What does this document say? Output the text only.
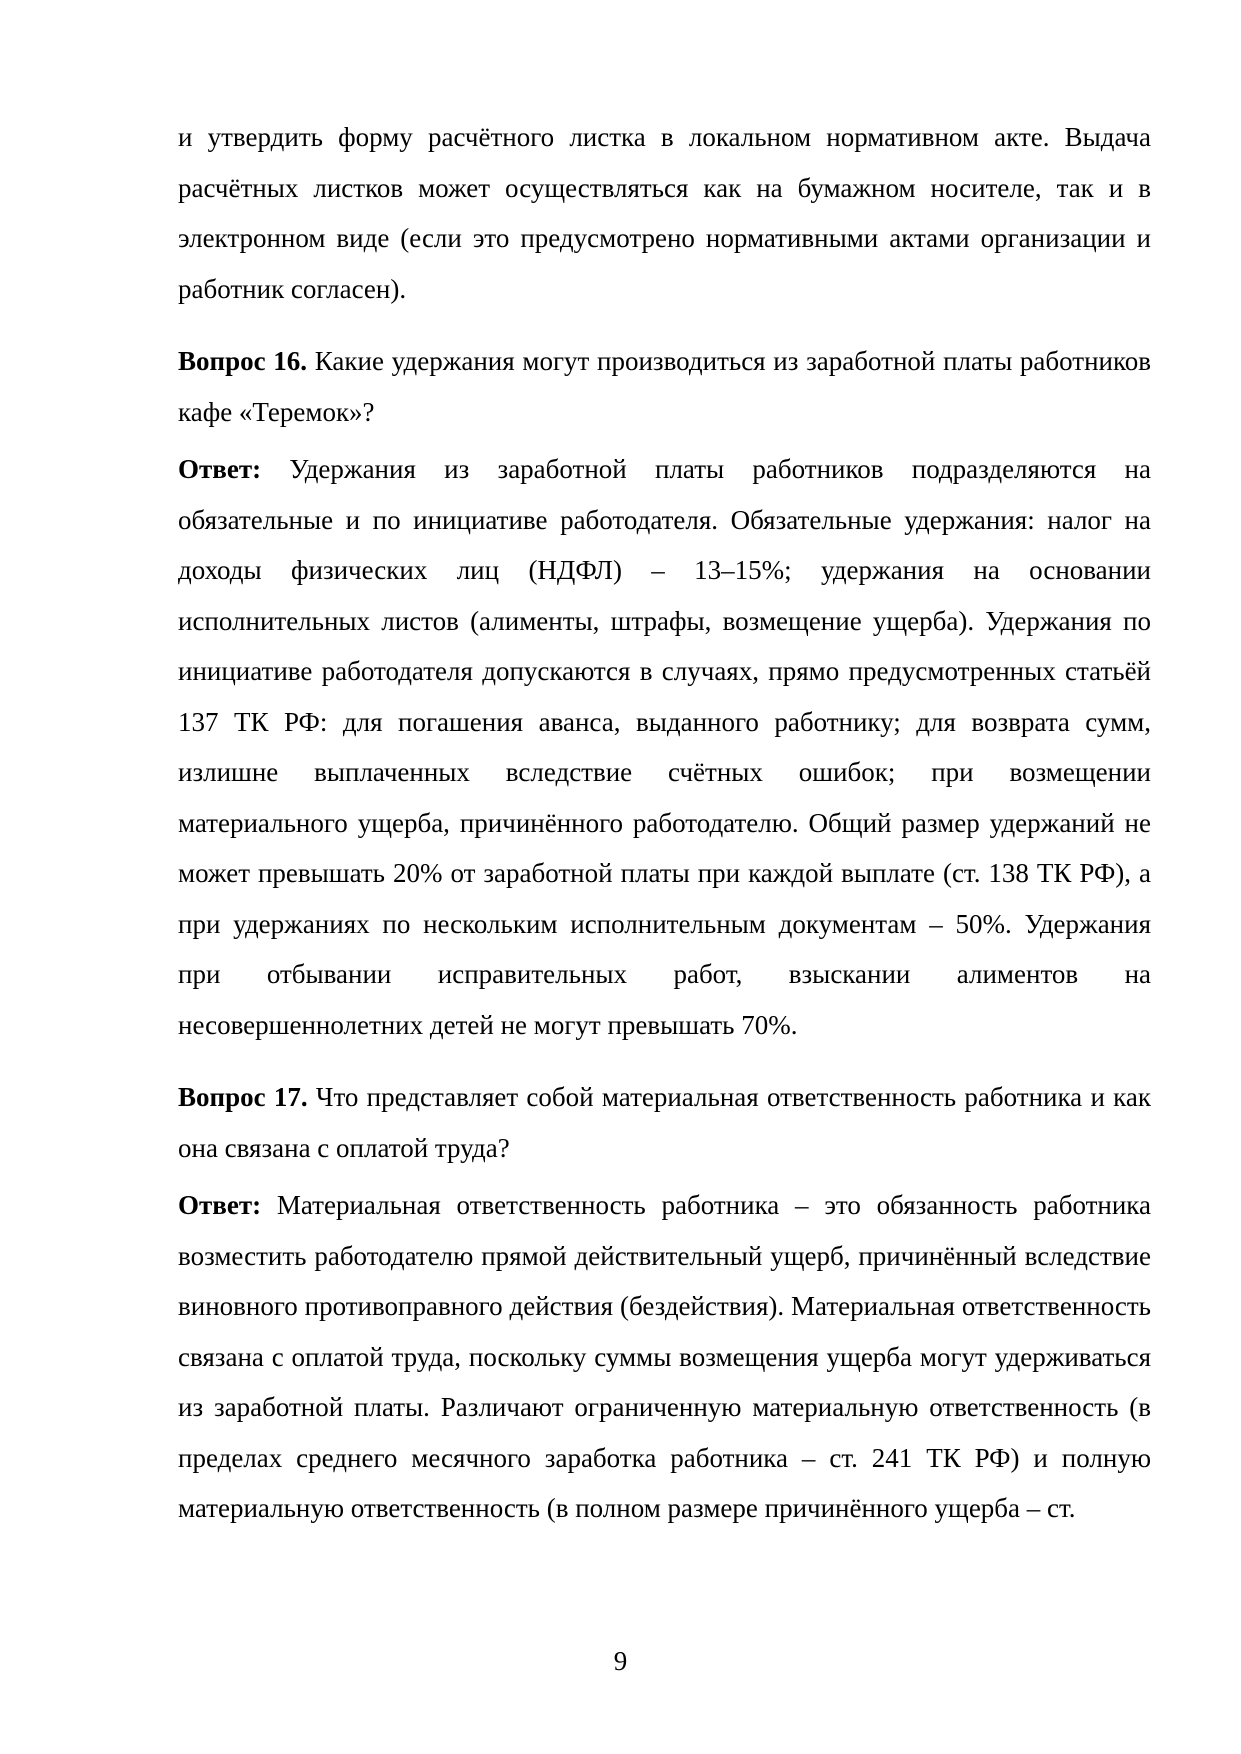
и утвердить форму расчётного листка в локальном нормативном акте. Выдача расчётных листков может осуществляться как на бумажном носителе, так и в электронном виде (если это предусмотрено нормативными актами организации и работник согласен).

Вопрос 16. Какие удержания могут производиться из заработной платы работников кафе «Теремок»?

Ответ: Удержания из заработной платы работников подразделяются на обязательные и по инициативе работодателя. Обязательные удержания: налог на доходы физических лиц (НДФЛ) – 13–15%; удержания на основании исполнительных листов (алименты, штрафы, возмещение ущерба). Удержания по инициативе работодателя допускаются в случаях, прямо предусмотренных статьёй 137 ТК РФ: для погашения аванса, выданного работнику; для возврата сумм, излишне выплаченных вследствие счётных ошибок; при возмещении материального ущерба, причинённого работодателю. Общий размер удержаний не может превышать 20% от заработной платы при каждой выплате (ст. 138 ТК РФ), а при удержаниях по нескольким исполнительным документам – 50%. Удержания при отбывании исправительных работ, взыскании алиментов на несовершеннолетних детей не могут превышать 70%.

Вопрос 17. Что представляет собой материальная ответственность работника и как она связана с оплатой труда?

Ответ: Материальная ответственность работника – это обязанность работника возместить работодателю прямой действительный ущерб, причинённый вследствие виновного противоправного действия (бездействия). Материальная ответственность связана с оплатой труда, поскольку суммы возмещения ущерба могут удерживаться из заработной платы. Различают ограниченную материальную ответственность (в пределах среднего месячного заработка работника – ст. 241 ТК РФ) и полную материальную ответственность (в полном размере причинённого ущерба – ст.

9
